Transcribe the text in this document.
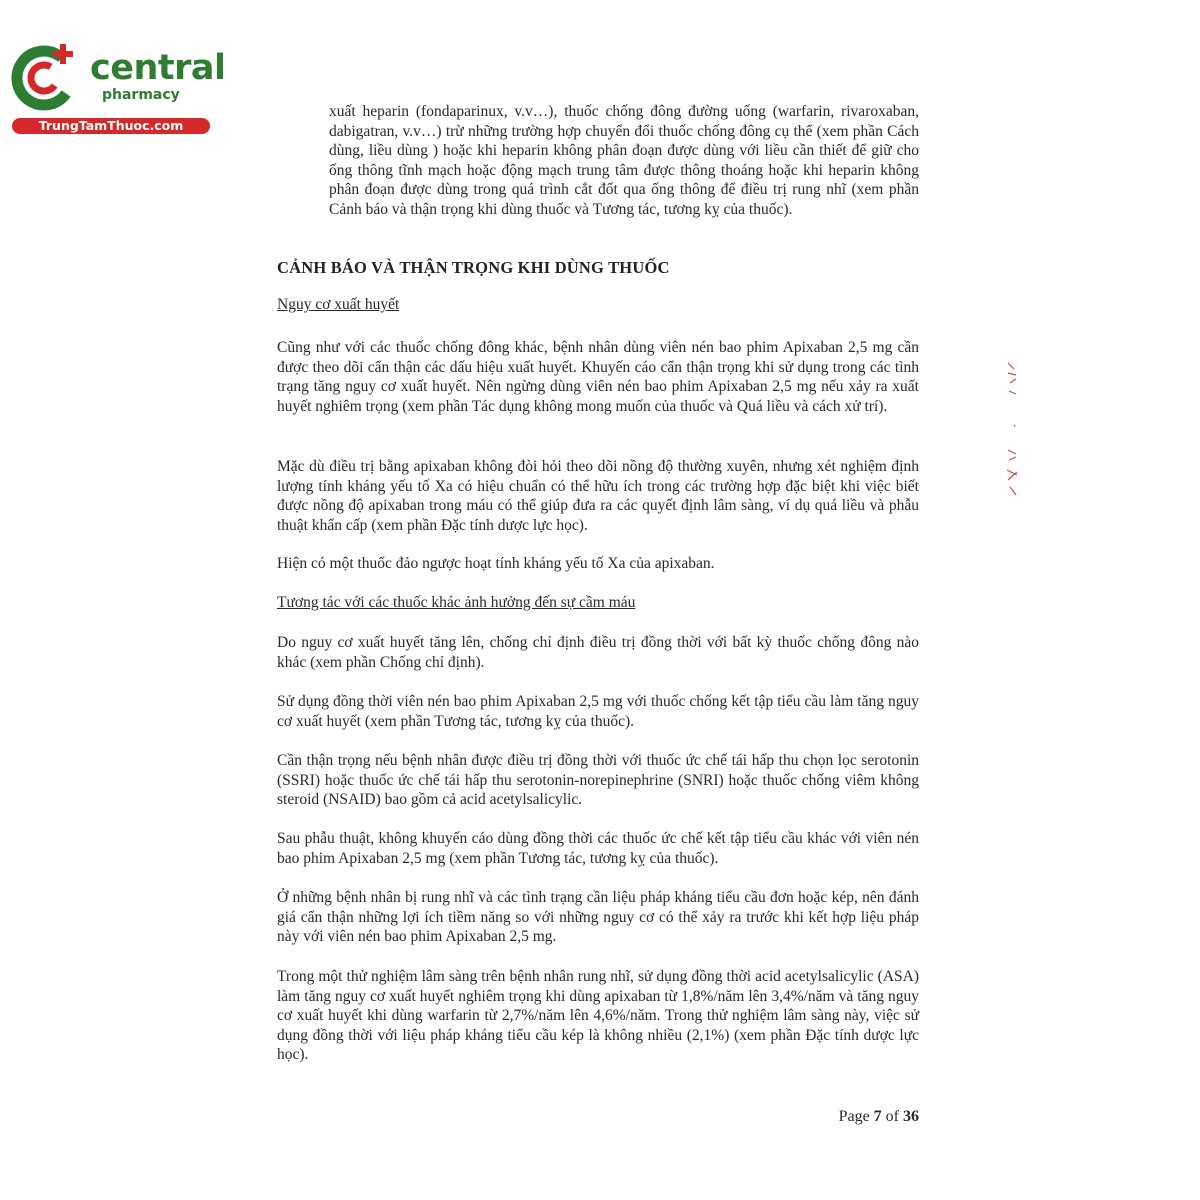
central
pharmacy
TrungTamThuoc.com

xuất heparin (fondaparinux, v.v…), thuốc chống đông đường uống (warfarin, rivaroxaban, dabigatran, v.v…) trừ những trường hợp chuyển đổi thuốc chống đông cụ thể (xem phần Cách dùng, liều dùng ) hoặc khi heparin không phân đoạn được dùng với liều cần thiết để giữ cho ống thông tĩnh mạch hoặc động mạch trung tâm được thông thoáng hoặc khi heparin không phân đoạn được dùng trong quá trình cắt đốt qua ống thông để điều trị rung nhĩ (xem phần Cảnh báo và thận trọng khi dùng thuốc và Tương tác, tương kỵ của thuốc).

CẢNH BÁO VÀ THẬN TRỌNG KHI DÙNG THUỐC

Nguy cơ xuất huyết

Cũng như với các thuốc chống đông khác, bệnh nhân dùng viên nén bao phim Apixaban 2,5 mg cần được theo dõi cẩn thận các dấu hiệu xuất huyết. Khuyến cáo cẩn thận trọng khi sử dụng trong các tình trạng tăng nguy cơ xuất huyết. Nên ngừng dùng viên nén bao phim Apixaban 2,5 mg nếu xảy ra xuất huyết nghiêm trọng (xem phần Tác dụng không mong muốn của thuốc và Quá liều và cách xử trí).

Mặc dù điều trị bằng apixaban không đòi hỏi theo dõi nồng độ thường xuyên, nhưng xét nghiệm định lượng tính kháng yếu tố Xa có hiệu chuẩn có thể hữu ích trong các trường hợp đặc biệt khi việc biết được nồng độ apixaban trong máu có thể giúp đưa ra các quyết định lâm sàng, ví dụ quá liều và phẫu thuật khẩn cấp (xem phần Đặc tính dược lực học).

Hiện có một thuốc đảo ngược hoạt tính kháng yếu tố Xa của apixaban.

Tương tác với các thuốc khác ảnh hưởng đến sự cầm máu

Do nguy cơ xuất huyết tăng lên, chống chỉ định điều trị đồng thời với bất kỳ thuốc chống đông nào khác (xem phần Chống chỉ định).

Sử dụng đồng thời viên nén bao phim Apixaban 2,5 mg với thuốc chống kết tập tiểu cầu làm tăng nguy cơ xuất huyết (xem phần Tương tác, tương kỵ của thuốc).

Cần thận trọng nếu bệnh nhân được điều trị đồng thời với thuốc ức chế tái hấp thu chọn lọc serotonin (SSRI) hoặc thuốc ức chế tái hấp thu serotonin-norepinephrine (SNRI) hoặc thuốc chống viêm không steroid (NSAID) bao gồm cả acid acetylsalicylic.

Sau phẫu thuật, không khuyến cáo dùng đồng thời các thuốc ức chế kết tập tiểu cầu khác với viên nén bao phim Apixaban 2,5 mg (xem phần Tương tác, tương kỵ của thuốc).

Ở những bệnh nhân bị rung nhĩ và các tình trạng cần liệu pháp kháng tiểu cầu đơn hoặc kép, nên đánh giá cẩn thận những lợi ích tiềm năng so với những nguy cơ có thể xảy ra trước khi kết hợp liệu pháp này với viên nén bao phim Apixaban 2,5 mg.

Trong một thử nghiệm lâm sàng trên bệnh nhân rung nhĩ, sử dụng đồng thời acid acetylsalicylic (ASA) làm tăng nguy cơ xuất huyết nghiêm trọng khi dùng apixaban từ 1,8%/năm lên 3,4%/năm và tăng nguy cơ xuất huyết khi dùng warfarin từ 2,7%/năm lên 4,6%/năm. Trong thử nghiệm lâm sàng này, việc sử dụng đồng thời với liệu pháp kháng tiểu cầu kép là không nhiều (2,1%) (xem phần Đặc tính dược lực học).

Page 7 of 36
